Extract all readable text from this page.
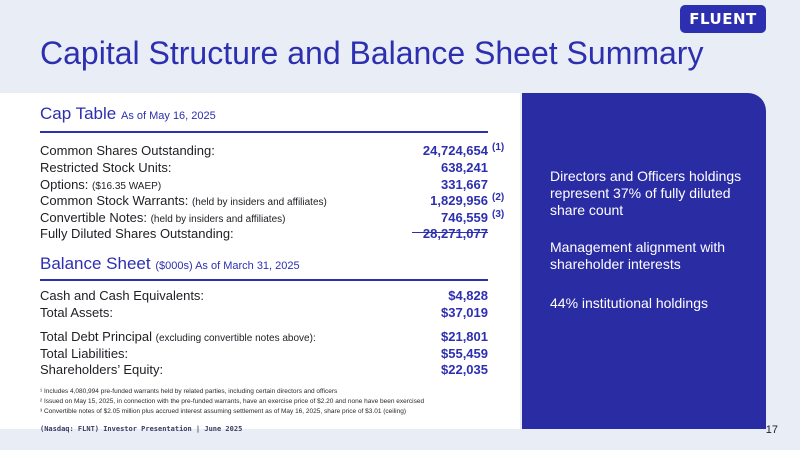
FLUENT
Capital Structure and Balance Sheet Summary
Cap Table As of May 16, 2025
Common Shares Outstanding:	24,724,654 (1)
Restricted Stock Units:	638,241
Options: ($16.35 WAEP)	331,667
Common Stock Warrants: (held by insiders and affiliates)	1,829,956 (2)
Convertible Notes: (held by insiders and affiliates)	746,559 (3)
Fully Diluted Shares Outstanding:	28,271,077
Balance Sheet ($000s) As of March 31, 2025
Cash and Cash Equivalents:	$4,828
Total Assets:	$37,019
Total Debt Principal (excluding convertible notes above):	$21,801
Total Liabilities:	$55,459
Shareholders’ Equity:	$22,035

¹ Includes 4,080,994 pre-funded warrants held by related parties, including certain directors and officers

² Issued on May 15, 2025, in connection with the pre-funded warrants, have an exercise price of $2.20 and none have been exercised

³ Convertible notes of $2.05 million plus accrued interest assuming settlement as of May 16, 2025, share price of $3.01 (ceiling)

Directors and Officers holdings represent 37% of fully diluted share count

Management alignment with shareholder interests

44% institutional holdings

(Nasdaq: FLNT) Investor Presentation | June 2025	17
